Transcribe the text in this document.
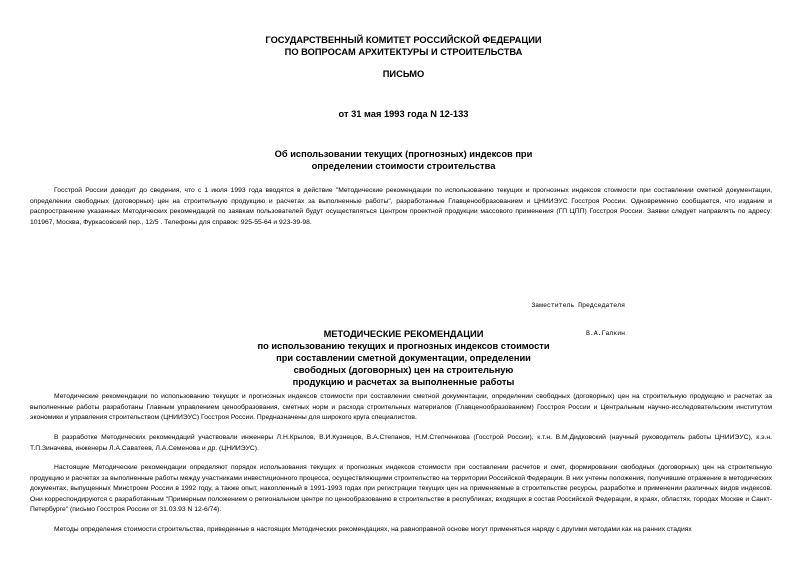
ГОСУДАРСТВЕННЫЙ КОМИТЕТ РОССИЙСКОЙ ФЕДЕРАЦИИ
ПО ВОПРОСАМ АРХИТЕКТУРЫ И СТРОИТЕЛЬСТВА
ПИСЬМО
от 31 мая 1993 года N 12-133
Об использовании текущих (прогнозных) индексов при
определении стоимости строительства
Госстрой России доводит до сведения, что с 1 июля 1993 года вводятся в действие "Методические рекомендации по использованию текущих и прогнозных индексов стоимости при составлении сметной документации, определении свободных (договорных) цен на строительную продукцию и расчетах за выполненные работы", разработанные Главценообразованием и ЦНИИЭУС Госстроя России. Одновременно сообщается, что издание и распространение указанных Методических рекомендаций по заявкам пользователей будут осуществляться Центром проектной продукции массового применения (ГП ЦПП) Госстроя России. Заявки следует направлять по адресу: 101967, Москва, Фуркасовский пер., 12/5 . Телефоны для справок: 925-55-64 и 923-39-98.

Заместитель Председателя

В.А.Галкин

МЕТОДИЧЕСКИЕ РЕКОМЕНДАЦИИ
по использованию текущих и прогнозных индексов стоимости
при составлении сметной документации, определении
свободных (договорных) цен на строительную
продукцию и расчетах за выполненные работы
Методические рекомендации по использованию текущих и прогнозных индексов стоимости при составлении сметной документации, определении свободных (договорных) цен на строительную продукцию и расчетах за выполненные работы разработаны Главным управлением ценообразования, сметных норм и расхода строительных материалов (Главценообразованием) Госстроя России и Центральным научно-исследовательским институтом экономики и управления строительством (ЦНИИЭУС) Госстроя России. Предназначены для широкого круга специалистов.
В разработке Методических рекомендаций участвовали инженеры Л.Н.Крылов, В.И.Кузнецов, В.А.Степанов, Н.М.Степченкова (Госстрой России), к.т.н. В.М.Дидковский (научный руководитель работы ЦНИИЭУС), к.э.н. Т.П.Зиначева, инженеры Л.А.Саватеев, Л.А.Семенова и др. (ЦНИИЭУС).
Настоящие Методические рекомендации определяют порядок использования текущих и прогнозных индексов стоимости при составлении расчетов и смет, формировании свободных (договорных) цен на строительную продукцию и расчетах за выполненные работы между участниками инвестиционного процесса, осуществляющими строительство на территории Российской Федерации. В них учтены положения, получившие отражение в методических документах, выпущенных Минстроем России в 1992 году, а также опыт, накопленный в 1991-1993 годах при регистрации текущих цен на применяемые в строительстве ресурсы, разработке и применении различных видов индексов. Они корреспондируются с разработанным "Примерным положением о региональном центре по ценообразованию в строительстве в республиках, входящих в состав Российской Федерации, в краях, областях, городах Москве и Санкт-Петербурге" (письмо Госстроя России от 31.03.93 N 12-6/74).
Методы определения стоимости строительства, приведенные в настоящих Методических рекомендациях, на равноправной основе могут применяться наряду с другими методами как на ранних стадиях
